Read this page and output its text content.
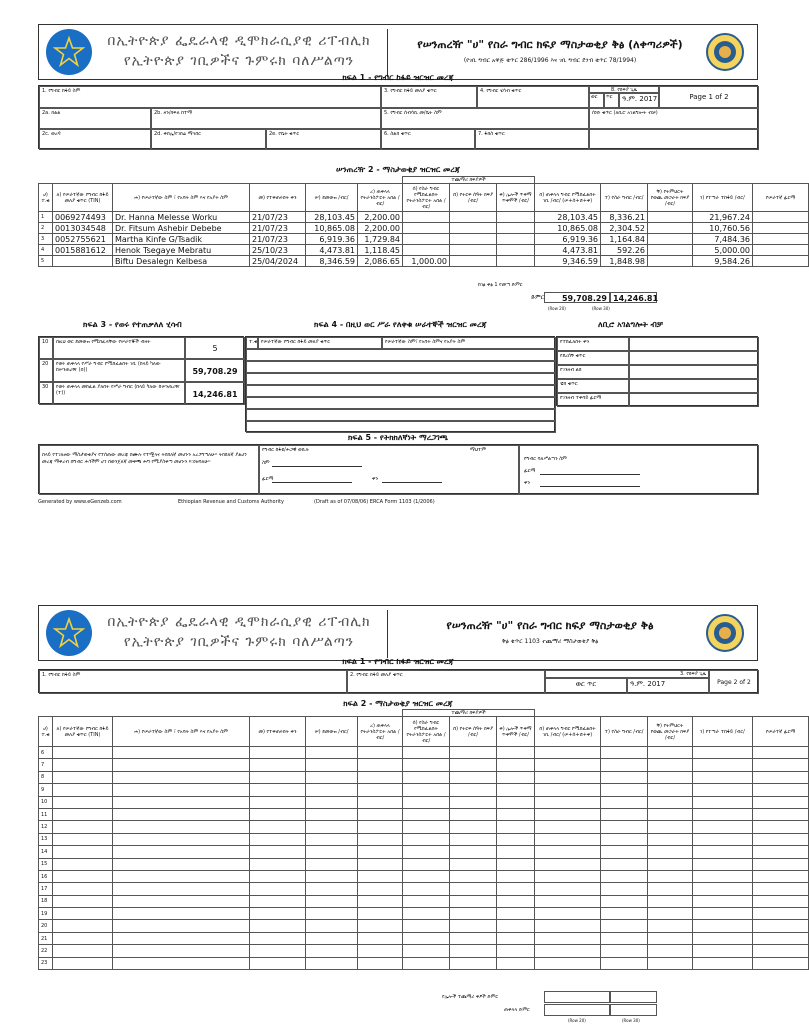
በኢትዮጵያ ፌዴራላዊ ዲሞክራሲያዊ ሪፐብሊክ
የኢትዮጵያ ገቢዎችና ጉምሩክ ባለሥልጣን
የሠንጠረዥ "ሀ" የስራ ግብር ክፍያ ማስታወቂያ ቅፅ (ለቀጣሪዎች)
(የገቢ ግብር አዋጅ ቁጥር 286/1996 እና ገቢ ግብር ደንብ ቁጥር 78/1994)
ክፍል 1 - የግብር ከፋይ ዝርዝር መረጃ
1. የግብር ከፋይ ስም	3. የግብር ከፋይ መለያ ቁጥር	4. የግብር ሂሳብ ቁጥር	8. የክፍያ ጊዜ
ወር	ጥር	ዓ.ም. 2017	Page 1 of 2
2a. ክልል	2b. ዞን/ክፍለ ከተማ	5. የግብር ሰብሳቢ መ/ቤት ስም	ሰነድ ቁጥር (ለቢሮ አገልግሎት ብቻ)
2c. ወረዳ	2d. ቀበሌ/የገበሬ ማኅበር	2e. የቤት ቁጥር	6. ስልክ ቁጥር	7. ፋክስ ቁጥር
ሠንጠረዥ 2 - ማስታወቂያ ዝርዝር መረጃ
						ተጨማሪ ክፍያዎች							
ሀ) ተ.ቁ	ለ) የሠራተኛው የግብር ከፋይ መለያ ቁጥር (TIN)	ሐ) የሠራተኛው ስም ፣ የአባት ስም እና የአያት ስም	መ) የተቀጠሩበት ቀን	ሠ) ደመወዝ /ብር/	ረ) ጠቅላላ የትራንስፖርት አበል /ብር/	ሰ) የስራ ግብር የሚከፈልበት የትራንስፖርት አበል /ብር/	ሸ) የትርፍ ሰዓት ክፍያ /ብር/	ቀ) ሌሎች ጥቅማ ጥቅሞች /ብር/	በ) ጠቅላላ ግብር የሚከፈልበት ገቢ /ብር/ (ሠ+ሰ+ሸ+ቀ)	ተ) የስራ ግብር /ብር/	ቸ) የትምህርት የወጪ መጋራት ክፍያ /ብር/	ነ) የተጣራ ተከፋይ /ብር/	የሠራተኛ ፊርማ
1	0069274493	Dr. Hanna Melesse Worku	21/07/23	28,103.45	2,200.00				28,103.45	8,336.21		21,967.24	
2	0013034548	Dr. Fitsum Ashebir Debebe	21/07/23	10,865.08	2,200.00				10,865.08	2,304.52		10,760.56	
3	0052755621	Martha Kinfe G/Tsadik	21/07/23	6,919.36	1,729.84				6,919.36	1,164.84		7,484.36	
4	0015881612	Henok Tsegaye Mebratu	25/10/23	4,473.81	1,118.45				4,473.81	592.26		5,000.00	
5		Biftu Desalegn Kelbesa	25/04/2024	8,346.59	2,086.65	1,000.00			9,346.59	1,848.98		9,584.26	
ከገፅ ቅፅ 1 የመጣ ድምር
ድምር	59,708.29 14,246.81
(Row 20)	(Row 30)
ክፍል 3 - የወሩ የተጠቃለለ ሂሳብ
10	በዚህ ወር ደመወዝ የሚከፈላቸው የሠራተኞች ብዛት
5
20	የወሩ ጠቅላላ የሥራ ግብር የሚከፈልበት ገቢ (ከላይ ካለው ከሠንጠረዥ (በ))	59,708.29
30	የወሩ ጠቅላላ መከፈል ያለበት የሥራ ግብር (ከላይ ካለው ከሠንጠረዥ (ተ))	14,246.81
ክፍል 4 - በዚህ ወር ሥራ የለቀቁ ሠራተኞች ዝርዝር መረጃ
ተ.ቁ የሠራተኛው የግብር ከፋይ መለያ ቁጥር	የሠራተኛው ስም፣ የአባት ስምና የአያት ስም
ለቢሮ አገልግሎት ብቻ
የተከፈለበት ቀን
የደረሰኝ ቁጥር
የገንዘብ ልክ
ቼክ ቁጥር
የገንዘብ ተቀባይ ፊርማ
ክፍል 5 - የትክክለኛነት ማረጋገጫ
በላይ የተገለፀው ማስታወቂያና የተሰጠው መረጃ በሙሉ የተሟላና ትክክለኛ መሆኑን አረጋግጣለሁ። ትክክለኛ ያልሆነ መረጃ ማቅረብ በግብር ሕጎችም ሆነ በወንጀለኛ መቅጫ ሕግ የሚያስቀጣ መሆኑን እገነዘባለሁ።
የግብር ከፋዩ/ሕጋዊ ወኪሉ	ማህተም
ስም
ፊርማ	ቀን
የግብር ባለሥልጣን ስም
ፊርማ
ቀን
Generated by www.eGenzeb.com	Ethiopian Revenue and Customs Authority	(Draft as of 07/08/06) ERCA Form 1103 (1/2006)
በኢትዮጵያ ፌዴራላዊ ዲሞክራሲያዊ ሪፐብሊክ
የኢትዮጵያ ገቢዎችና ጉምሩክ ባለሥልጣን
የሠንጠረዥ "ሀ" የስራ ግብር ክፍያ ማስታወቂያ ቅፅ
ቅፅ ቁጥር 1103 ተጨማሪ ማስታወቂያ ቅፅ
ክፍል 1 - የግብር ከፋይ ዝርዝር መረጃ
1. የግብር ከፋይ ስም	2. የግብር ከፋይ መለያ ቁጥር	3. የክፍያ ጊዜ
ወር ጥር	ዓ.ም. 2017	Page 2 of 2
ክፍል 2 - ማስታወቂያ ዝርዝር መረጃ
						ተጨማሪ ክፍያዎች							
ሀ) ተ.ቁ	ለ) የሠራተኛው የግብር ከፋይ መለያ ቁጥር (TIN)	ሐ) የሠራተኛው ስም ፣ የአባት ስም እና የአያት ስም	መ) የተቀጠሩበት ቀን	ሠ) ደመወዝ /ብር/	ረ) ጠቅላላ የትራንስፖርት አበል /ብር/	ሰ) የስራ ግብር የሚከፈልበት የትራንስፖርት አበል /ብር/	ሸ) የትርፍ ሰዓት ክፍያ /ብር/	ቀ) ሌሎች ጥቅማ ጥቅሞች /ብር/	በ) ጠቅላላ ግብር የሚከፈልበት ገቢ /ብር/ (ሠ+ሰ+ሸ+ቀ)	ተ) የስራ ግብር /ብር/	ቸ) የትምህርት የወጪ መጋራት ክፍያ /ብር/	ነ) የተጣራ ተከፋይ /ብር/	የሠራተኛ ፊርማ
6													
7													
8													
9													
10													
11													
12													
13													
14													
15													
16													
17													
18													
19													
20													
21													
22													
23													
የሌሎች ተጨማሪ ቅፆች ድምር
ጠቅላላ ድምር
(Row 20)	(Row 30)
